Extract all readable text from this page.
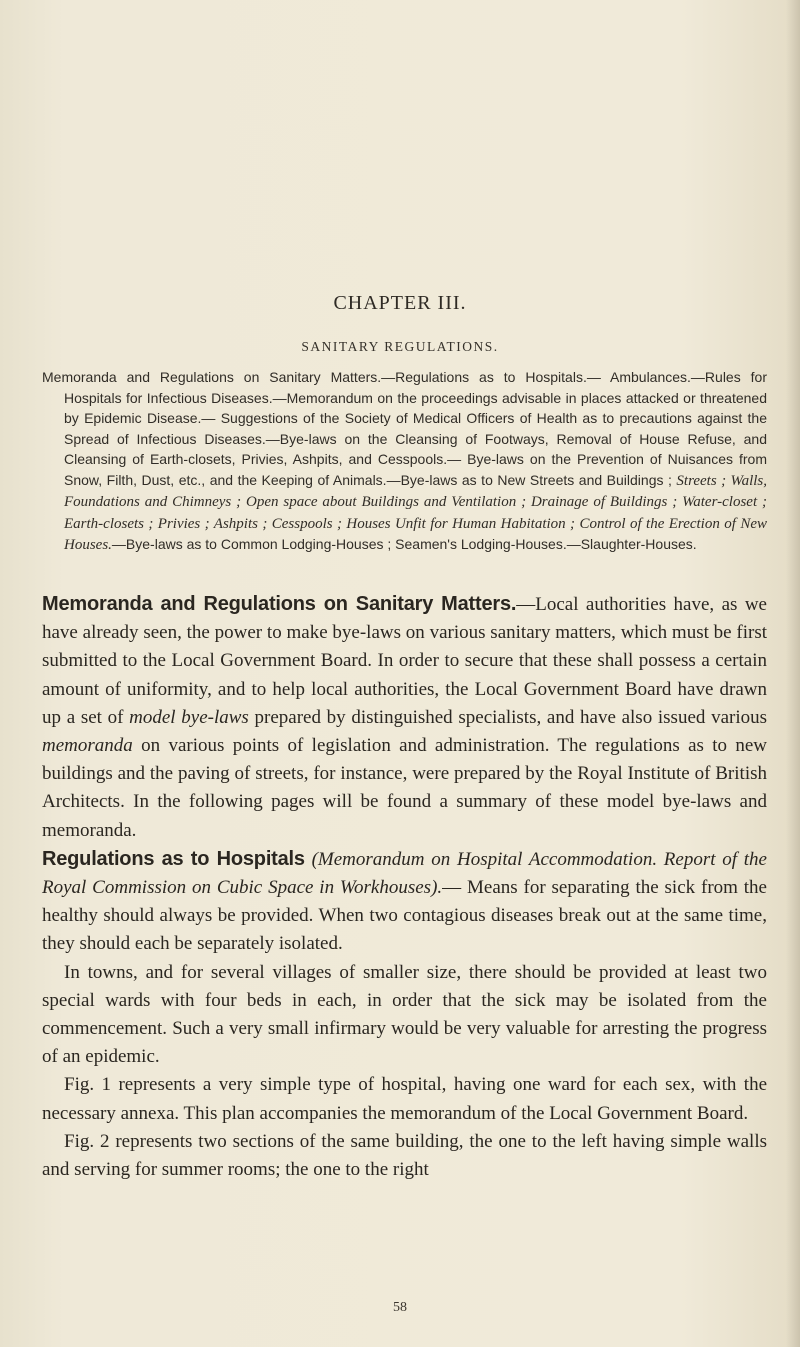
CHAPTER III.
SANITARY REGULATIONS.
Memoranda and Regulations on Sanitary Matters.—Regulations as to Hospitals.— Ambulances.—Rules for Hospitals for Infectious Diseases.—Memorandum on the proceedings advisable in places attacked or threatened by Epidemic Disease.— Suggestions of the Society of Medical Officers of Health as to precautions against the Spread of Infectious Diseases.—Bye-laws on the Cleansing of Footways, Removal of House Refuse, and Cleansing of Earth-closets, Privies, Ashpits, and Cesspools.— Bye-laws on the Prevention of Nuisances from Snow, Filth, Dust, etc., and the Keeping of Animals.—Bye-laws as to New Streets and Buildings ; Streets ; Walls, Foundations and Chimneys ; Open space about Buildings and Ventilation ; Drainage of Buildings ; Water-closet ; Earth-closets ; Privies ; Ashpits ; Cesspools ; Houses Unfit for Human Habitation ; Control of the Erection of New Houses.—Bye-laws as to Common Lodging-Houses ; Seamen's Lodging-Houses.—Slaughter-Houses.

Memoranda and Regulations on Sanitary Matters.—Local authorities have, as we have already seen, the power to make bye-laws on various sanitary matters, which must be first submitted to the Local Government Board. In order to secure that these shall possess a certain amount of uniformity, and to help local authorities, the Local Government Board have drawn up a set of model bye-laws prepared by distinguished specialists, and have also issued various memoranda on various points of legislation and administration. The regulations as to new buildings and the paving of streets, for instance, were prepared by the Royal Institute of British Architects. In the following pages will be found a summary of these model bye-laws and memoranda.

Regulations as to Hospitals (Memorandum on Hospital Accommodation. Report of the Royal Commission on Cubic Space in Workhouses).— Means for separating the sick from the healthy should always be provided. When two contagious diseases break out at the same time, they should each be separately isolated.

In towns, and for several villages of smaller size, there should be provided at least two special wards with four beds in each, in order that the sick may be isolated from the commencement. Such a very small infirmary would be very valuable for arresting the progress of an epidemic.

Fig. 1 represents a very simple type of hospital, having one ward for each sex, with the necessary annexa. This plan accompanies the memorandum of the Local Government Board.

Fig. 2 represents two sections of the same building, the one to the left having simple walls and serving for summer rooms; the one to the right

58
